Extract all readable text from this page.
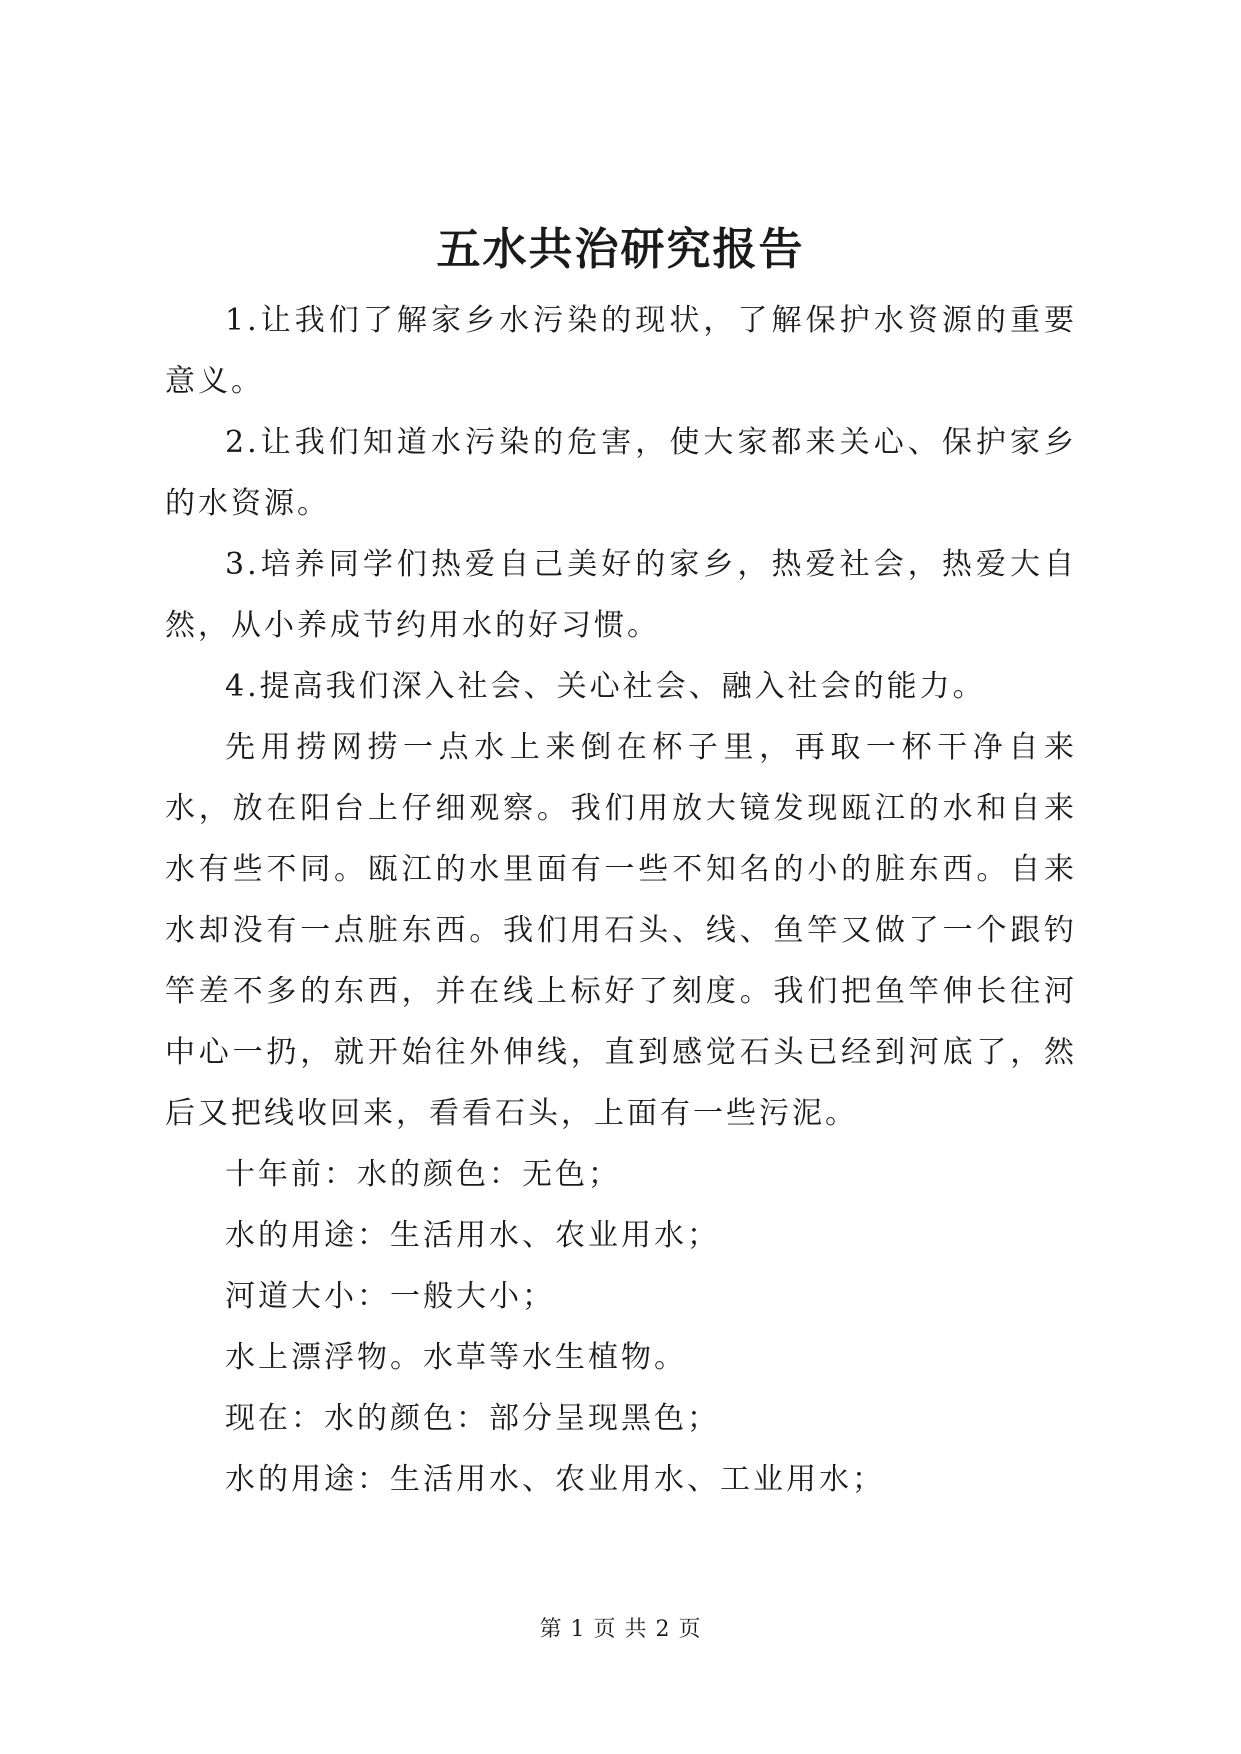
五水共治研究报告

1.让我们了解家乡水污染的现状，了解保护水资源的重要意义。

2.让我们知道水污染的危害，使大家都来关心、保护家乡的水资源。

3.培养同学们热爱自己美好的家乡，热爱社会，热爱大自然，从小养成节约用水的好习惯。

4.提高我们深入社会、关心社会、融入社会的能力。

先用捞网捞一点水上来倒在杯子里，再取一杯干净自来水，放在阳台上仔细观察。我们用放大镜发现瓯江的水和自来水有些不同。瓯江的水里面有一些不知名的小的脏东西。自来水却没有一点脏东西。我们用石头、线、鱼竿又做了一个跟钓竿差不多的东西，并在线上标好了刻度。我们把鱼竿伸长往河中心一扔，就开始往外伸线，直到感觉石头已经到河底了，然后又把线收回来，看看石头，上面有一些污泥。

十年前：水的颜色：无色；

水的用途：生活用水、农业用水；

河道大小：一般大小；

水上漂浮物。水草等水生植物。

现在：水的颜色：部分呈现黑色；

水的用途：生活用水、农业用水、工业用水；

第 1 页 共 2 页
